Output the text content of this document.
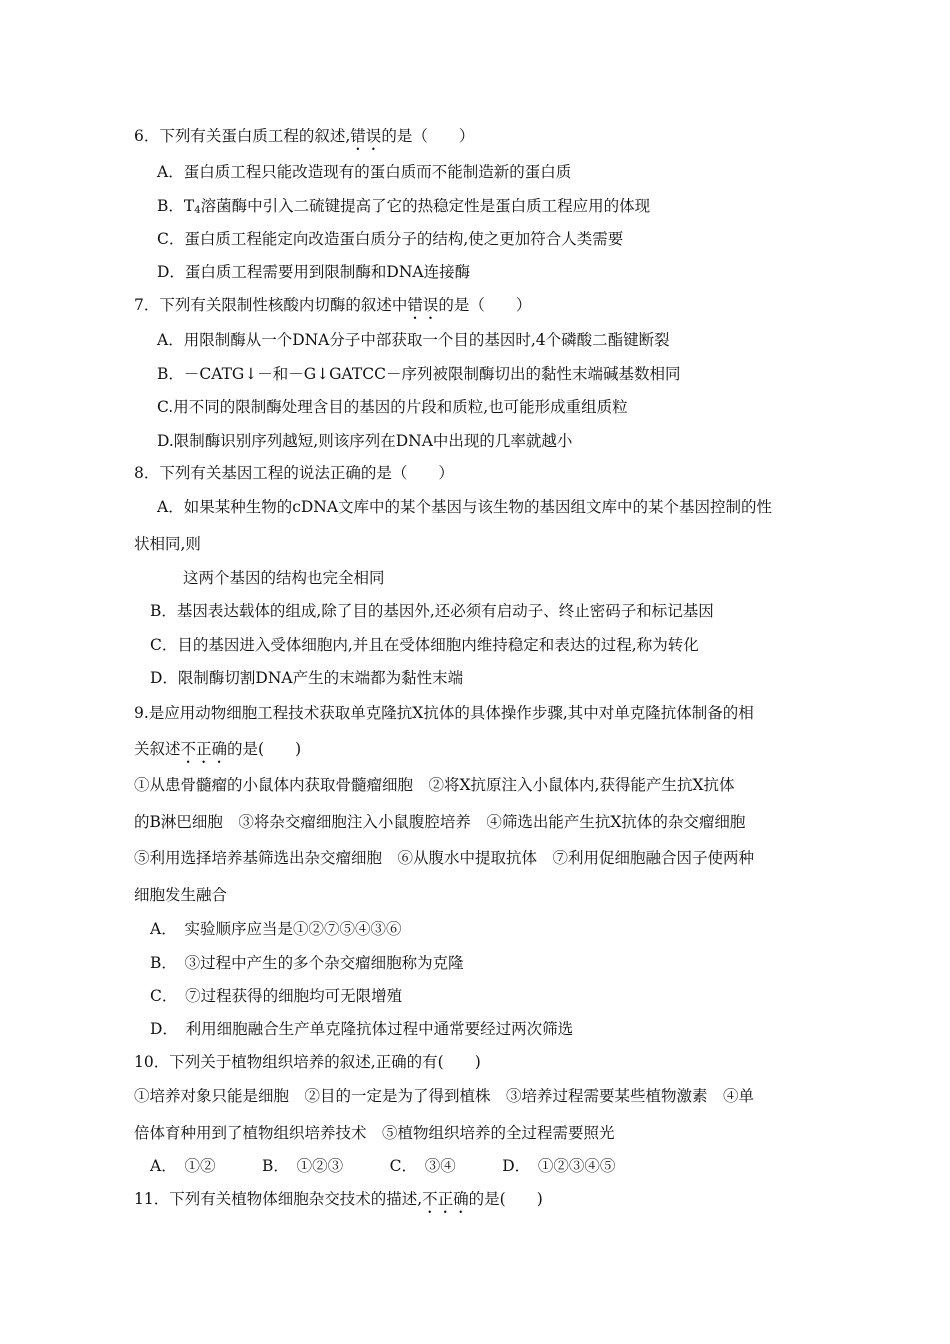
6．下列有关蛋白质工程的叙述,错误的是（　　）
A．蛋白质工程只能改造现有的蛋白质而不能制造新的蛋白质
B．$T_4$溶菌酶中引入二硫键提高了它的热稳定性是蛋白质工程应用的体现
C．蛋白质工程能定向改造蛋白质分子的结构,使之更加符合人类需要
D．蛋白质工程需要用到限制酶和DNA连接酶
7．下列有关限制性核酸内切酶的叙述中错误的是（　　）
A．用限制酶从一个DNA分子中部获取一个目的基因时,4个磷酸二酯键断裂
B．－CATG↓－和－G↓GATCC－序列被限制酶切出的黏性末端碱基数相同
C.用不同的限制酶处理含目的基因的片段和质粒,也可能形成重组质粒
D.限制酶识别序列越短,则该序列在DNA中出现的几率就越小
8．下列有关基因工程的说法正确的是（　　）
A．如果某种生物的cDNA文库中的某个基因与该生物的基因组文库中的某个基因控制的性
状相同,则
这两个基因的结构也完全相同
B．基因表达载体的组成,除了目的基因外,还必须有启动子、终止密码子和标记基因
C．目的基因进入受体细胞内,并且在受体细胞内维持稳定和表达的过程,称为转化
D．限制酶切割DNA产生的末端都为黏性末端
9.是应用动物细胞工程技术获取单克隆抗X抗体的具体操作步骤,其中对单克隆抗体制备的相
关叙述不正确的是(　　)
①从患骨髓瘤的小鼠体内获取骨髓瘤细胞　②将X抗原注入小鼠体内,获得能产生抗X抗体
的B淋巴细胞　③将杂交瘤细胞注入小鼠腹腔培养　④筛选出能产生抗X抗体的杂交瘤细胞
⑤利用选择培养基筛选出杂交瘤细胞　⑥从腹水中提取抗体　⑦利用促细胞融合因子使两种
细胞发生融合
A．　实验顺序应当是①②⑦⑤④③⑥
B．　③过程中产生的多个杂交瘤细胞称为克隆
C．　⑦过程获得的细胞均可无限增殖
D．　利用细胞融合生产单克隆抗体过程中通常要经过两次筛选
10．下列关于植物组织培养的叙述,正确的有(　　)
①培养对象只能是细胞　②目的一定是为了得到植株　③培养过程需要某些植物激素　④单
倍体育种用到了植物组织培养技术　⑤植物组织培养的全过程需要照光
A．　①②　　　B．　①②③　　　C．　③④　　　D．　①②③④⑤
11．下列有关植物体细胞杂交技术的描述,不正确的是(　　)
